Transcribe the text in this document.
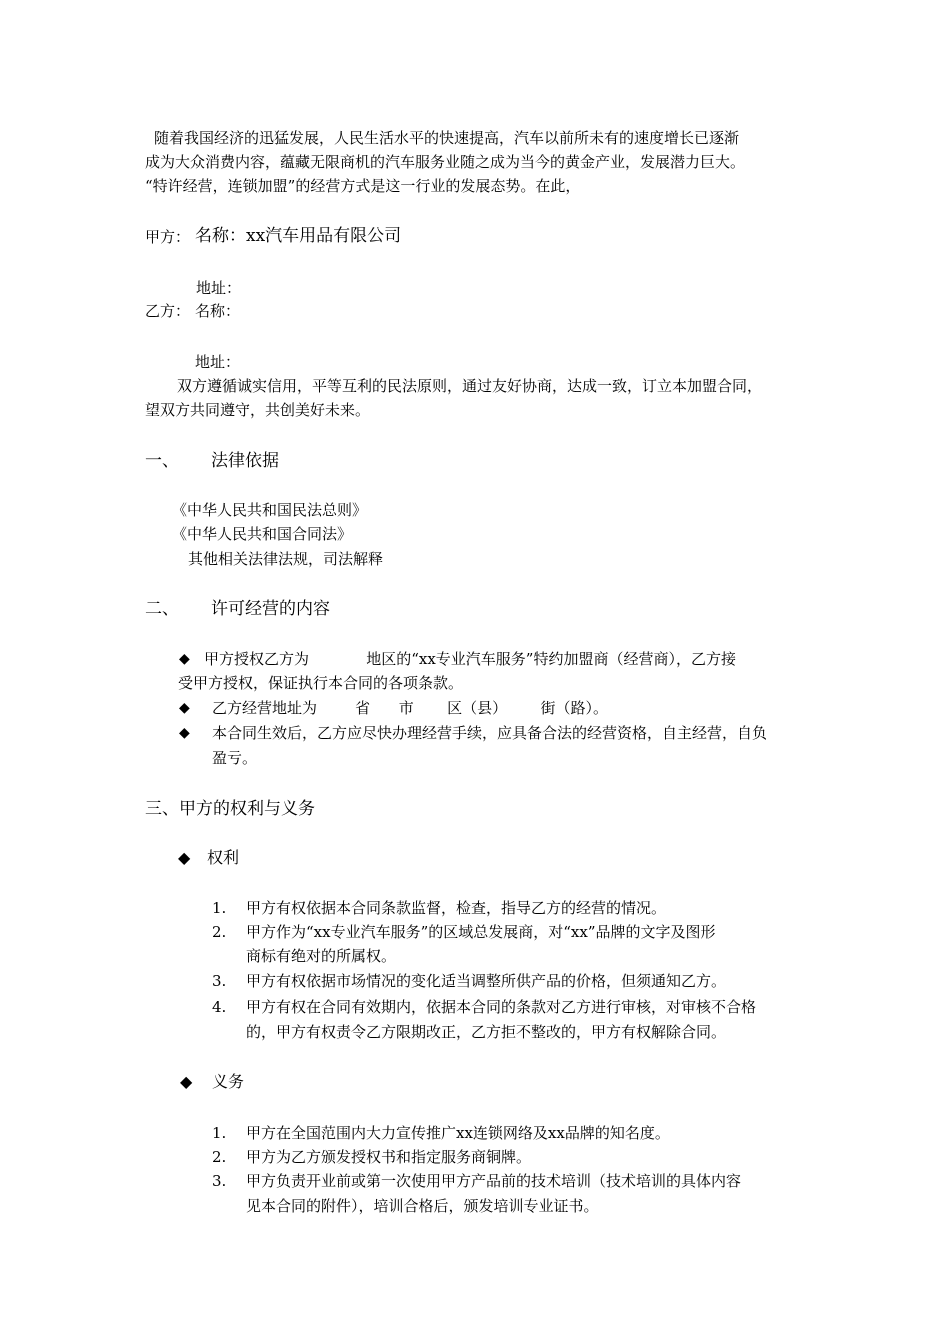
随着我国经济的迅猛发展，人民生活水平的快速提高，汽车以前所未有的速度增长已逐渐
成为大众消费内容，蕴藏无限商机的汽车服务业随之成为当今的黄金产业，发展潜力巨大。
“特许经营，连锁加盟”的经营方式是这一行业的发展态势。在此，
甲方： 名称：xx汽车用品有限公司
地址：
乙方： 名称：
地址：
双方遵循诚实信用，平等互利的民法原则，通过友好协商，达成一致，订立本加盟合同，
望双方共同遵守，共创美好未来。
一、 法律依据
《中华人民共和国民法总则》
《中华人民共和国合同法》
其他相关法律法规，司法解释
二、 许可经营的内容
◆ 甲方授权乙方为            地区的“xx专业汽车服务”特约加盟商（经营商），乙方接
受甲方授权，保证执行本合同的各项条款。
◆ 乙方经营地址为        省      市       区（县）       街（路）。
◆ 本合同生效后，乙方应尽快办理经营手续，应具备合法的经营资格，自主经营，自负
盈亏。
三、甲方的权利与义务
◆ 权利
1. 甲方有权依据本合同条款监督，检查，指导乙方的经营的情况。
2. 甲方作为“xx专业汽车服务”的区域总发展商，对“xx”品牌的文字及图形
商标有绝对的所属权。
3. 甲方有权依据市场情况的变化适当调整所供产品的价格，但须通知乙方。
4. 甲方有权在合同有效期内，依据本合同的条款对乙方进行审核，对审核不合格
的，甲方有权责令乙方限期改正，乙方拒不整改的，甲方有权解除合同。
◆ 义务
1. 甲方在全国范围内大力宣传推广xx连锁网络及xx品牌的知名度。
2. 甲方为乙方颁发授权书和指定服务商铜牌。
3. 甲方负责开业前或第一次使用甲方产品前的技术培训（技术培训的具体内容
见本合同的附件），培训合格后，颁发培训专业证书。
